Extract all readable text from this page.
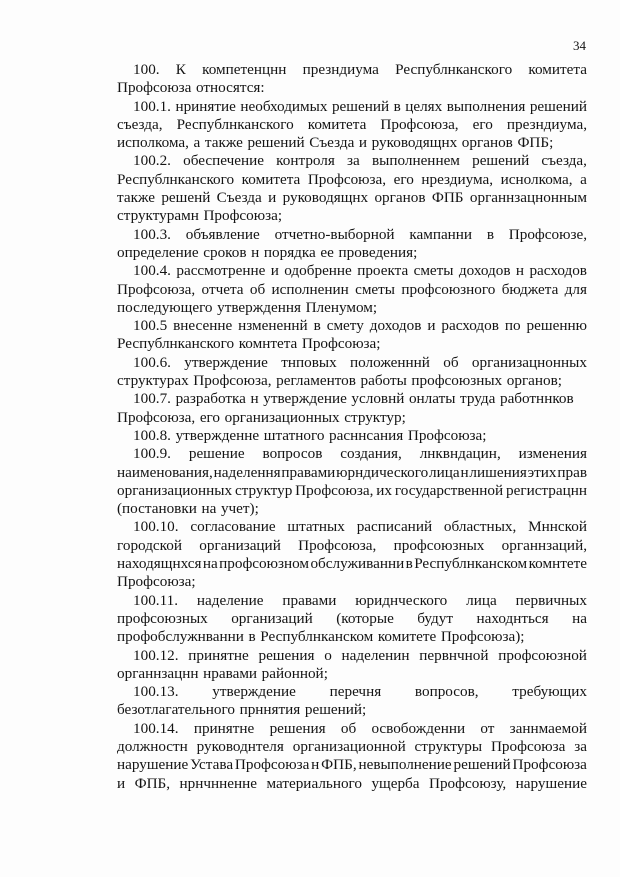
34
100. К компетенцнн презндиума Республнканского комитета
Профсоюза относятся:
100.1. нринятие необходимых решений в целях выполнения решений
съезда, Республнканского комитета Профсоюза, его презндиума,
исполкома, а также решений Съезда и руководящнх органов ФПБ;
100.2. обеспечение контроля за выполненнем решений съезда,
Республнканского комитета Профсоюза, его нрездиума, иснолкома, а
также решенй Съезда и руководящнх органов ФПБ органнзацнонным
структурамн Профсоюза;
100.3. объявление отчетно-выборной кампанни в Профсоюзе,
определение сроков н порядка ее проведения;
100.4. рассмотренне и одобренне проекта сметы доходов н расходов
Профсоюза, отчета об исполненин сметы профсоюзного бюджета для
последующего утверждення Пленумом;
100.5 внесенне нзмененнй в смету доходов и расходов по решенню
Республнканского комнтета Профсоюза;
100.6. утверждение тнповых положенннй об организацнонных
структурах Профсоюза, регламентов работы профсоюзных органов;
100.7. разработка н утверждение условнй онлаты труда работннков
Профсоюза, его организационных структур;
100.8. утвержденне штатного расннсания Профсоюза;
100.9. решение вопросов создания, лнквндацин, изменения
наименования, наделення правами юрндического лица н лишения этих прав
организационных структур Профсоюза, их государственной регистрацнн
(постановки на учет);
100.10. согласование штатных расписаний областных, Мннской
городской организаций Профсоюза, профсоюзных органнзаций,
находящнхся на профсоюзном обслуживанни в Республнканском комнтете
Профсоюза;
100.11. наделение правами юриднческого лица первичных
профсоюзных организаций (которые будут находнться на
профобслужнванни в Республнканском комитете Профсоюза);
100.12. принятне решения о наделенин первнчной профсоюзной
органнзацнн нравами районной;
100.13. утверждение перечня вопросов, требующих
безотлагательного прннятия решений;
100.14. принятне решения об освобожденни от заннмаемой
должностн руководнтеля организационной структуры Профсоюза за
нарушение Устава Профсоюза н ФПБ, невыполнение решений Профсоюза
и ФПБ, нрнчнненне материального ущерба Профсоюзу, нарушение
